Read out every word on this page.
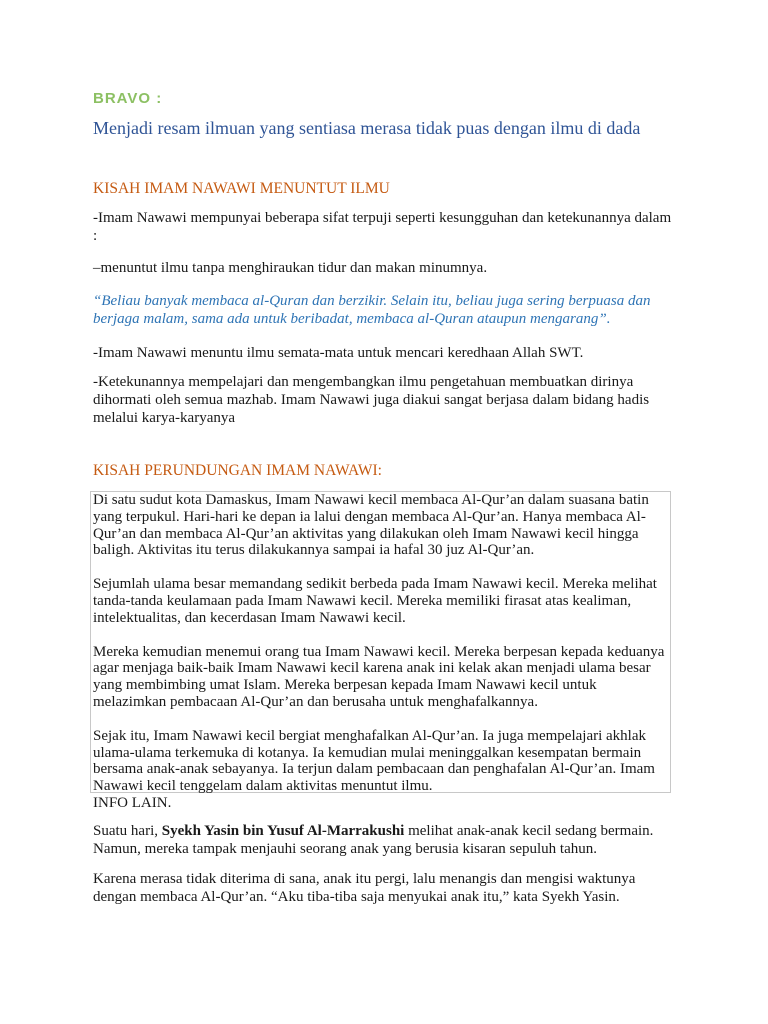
BRAVO :
Menjadi resam ilmuan yang sentiasa merasa tidak puas dengan ilmu di dada
KISAH IMAM NAWAWI MENUNTUT ILMU

-Imam Nawawi mempunyai beberapa sifat terpuji seperti kesungguhan dan ketekunannya dalam :

–menuntut ilmu tanpa menghiraukan tidur dan makan minumnya.

“Beliau banyak membaca al-Quran dan berzikir. Selain itu, beliau juga sering berpuasa dan berjaga malam, sama ada untuk beribadat, membaca al-Quran ataupun mengarang”.

-Imam Nawawi menuntu ilmu semata-mata untuk mencari keredhaan Allah SWT.

-Ketekunannya mempelajari dan mengembangkan ilmu pengetahuan membuatkan dirinya dihormati oleh semua mazhab. Imam Nawawi juga diakui sangat berjasa dalam bidang hadis melalui karya-karyanya

KISAH PERUNDUNGAN IMAM NAWAWI:

Di satu sudut kota Damaskus, Imam Nawawi kecil membaca Al-Qur’an dalam suasana batin yang terpukul. Hari-hari ke depan ia lalui dengan membaca Al-Qur’an. Hanya membaca Al-Qur’an dan membaca Al-Qur’an aktivitas yang dilakukan oleh Imam Nawawi kecil hingga baligh. Aktivitas itu terus dilakukannya sampai ia hafal 30 juz Al-Qur’an.

Sejumlah ulama besar memandang sedikit berbeda pada Imam Nawawi kecil. Mereka melihat tanda-tanda keulamaan pada Imam Nawawi kecil. Mereka memiliki firasat atas kealiman, intelektualitas, dan kecerdasan Imam Nawawi kecil.

Mereka kemudian menemui orang tua Imam Nawawi kecil. Mereka berpesan kepada keduanya agar menjaga baik-baik Imam Nawawi kecil karena anak ini kelak akan menjadi ulama besar yang membimbing umat Islam. Mereka berpesan kepada Imam Nawawi kecil untuk melazimkan pembacaan Al-Qur’an dan berusaha untuk menghafalkannya.

Sejak itu, Imam Nawawi kecil bergiat menghafalkan Al-Qur’an. Ia juga mempelajari akhlak ulama-ulama terkemuka di kotanya. Ia kemudian mulai meninggalkan kesempatan bermain bersama anak-anak sebayanya. Ia terjun dalam pembacaan dan penghafalan Al-Qur’an. Imam Nawawi kecil tenggelam dalam aktivitas menuntut ilmu.

INFO LAIN.

Suatu hari, Syekh Yasin bin Yusuf Al-Marrakushi melihat anak-anak kecil sedang bermain. Namun, mereka tampak menjauhi seorang anak yang berusia kisaran sepuluh tahun.

Karena merasa tidak diterima di sana, anak itu pergi, lalu menangis dan mengisi waktunya dengan membaca Al-Qur’an. “Aku tiba-tiba saja menyukai anak itu,” kata Syekh Yasin.
